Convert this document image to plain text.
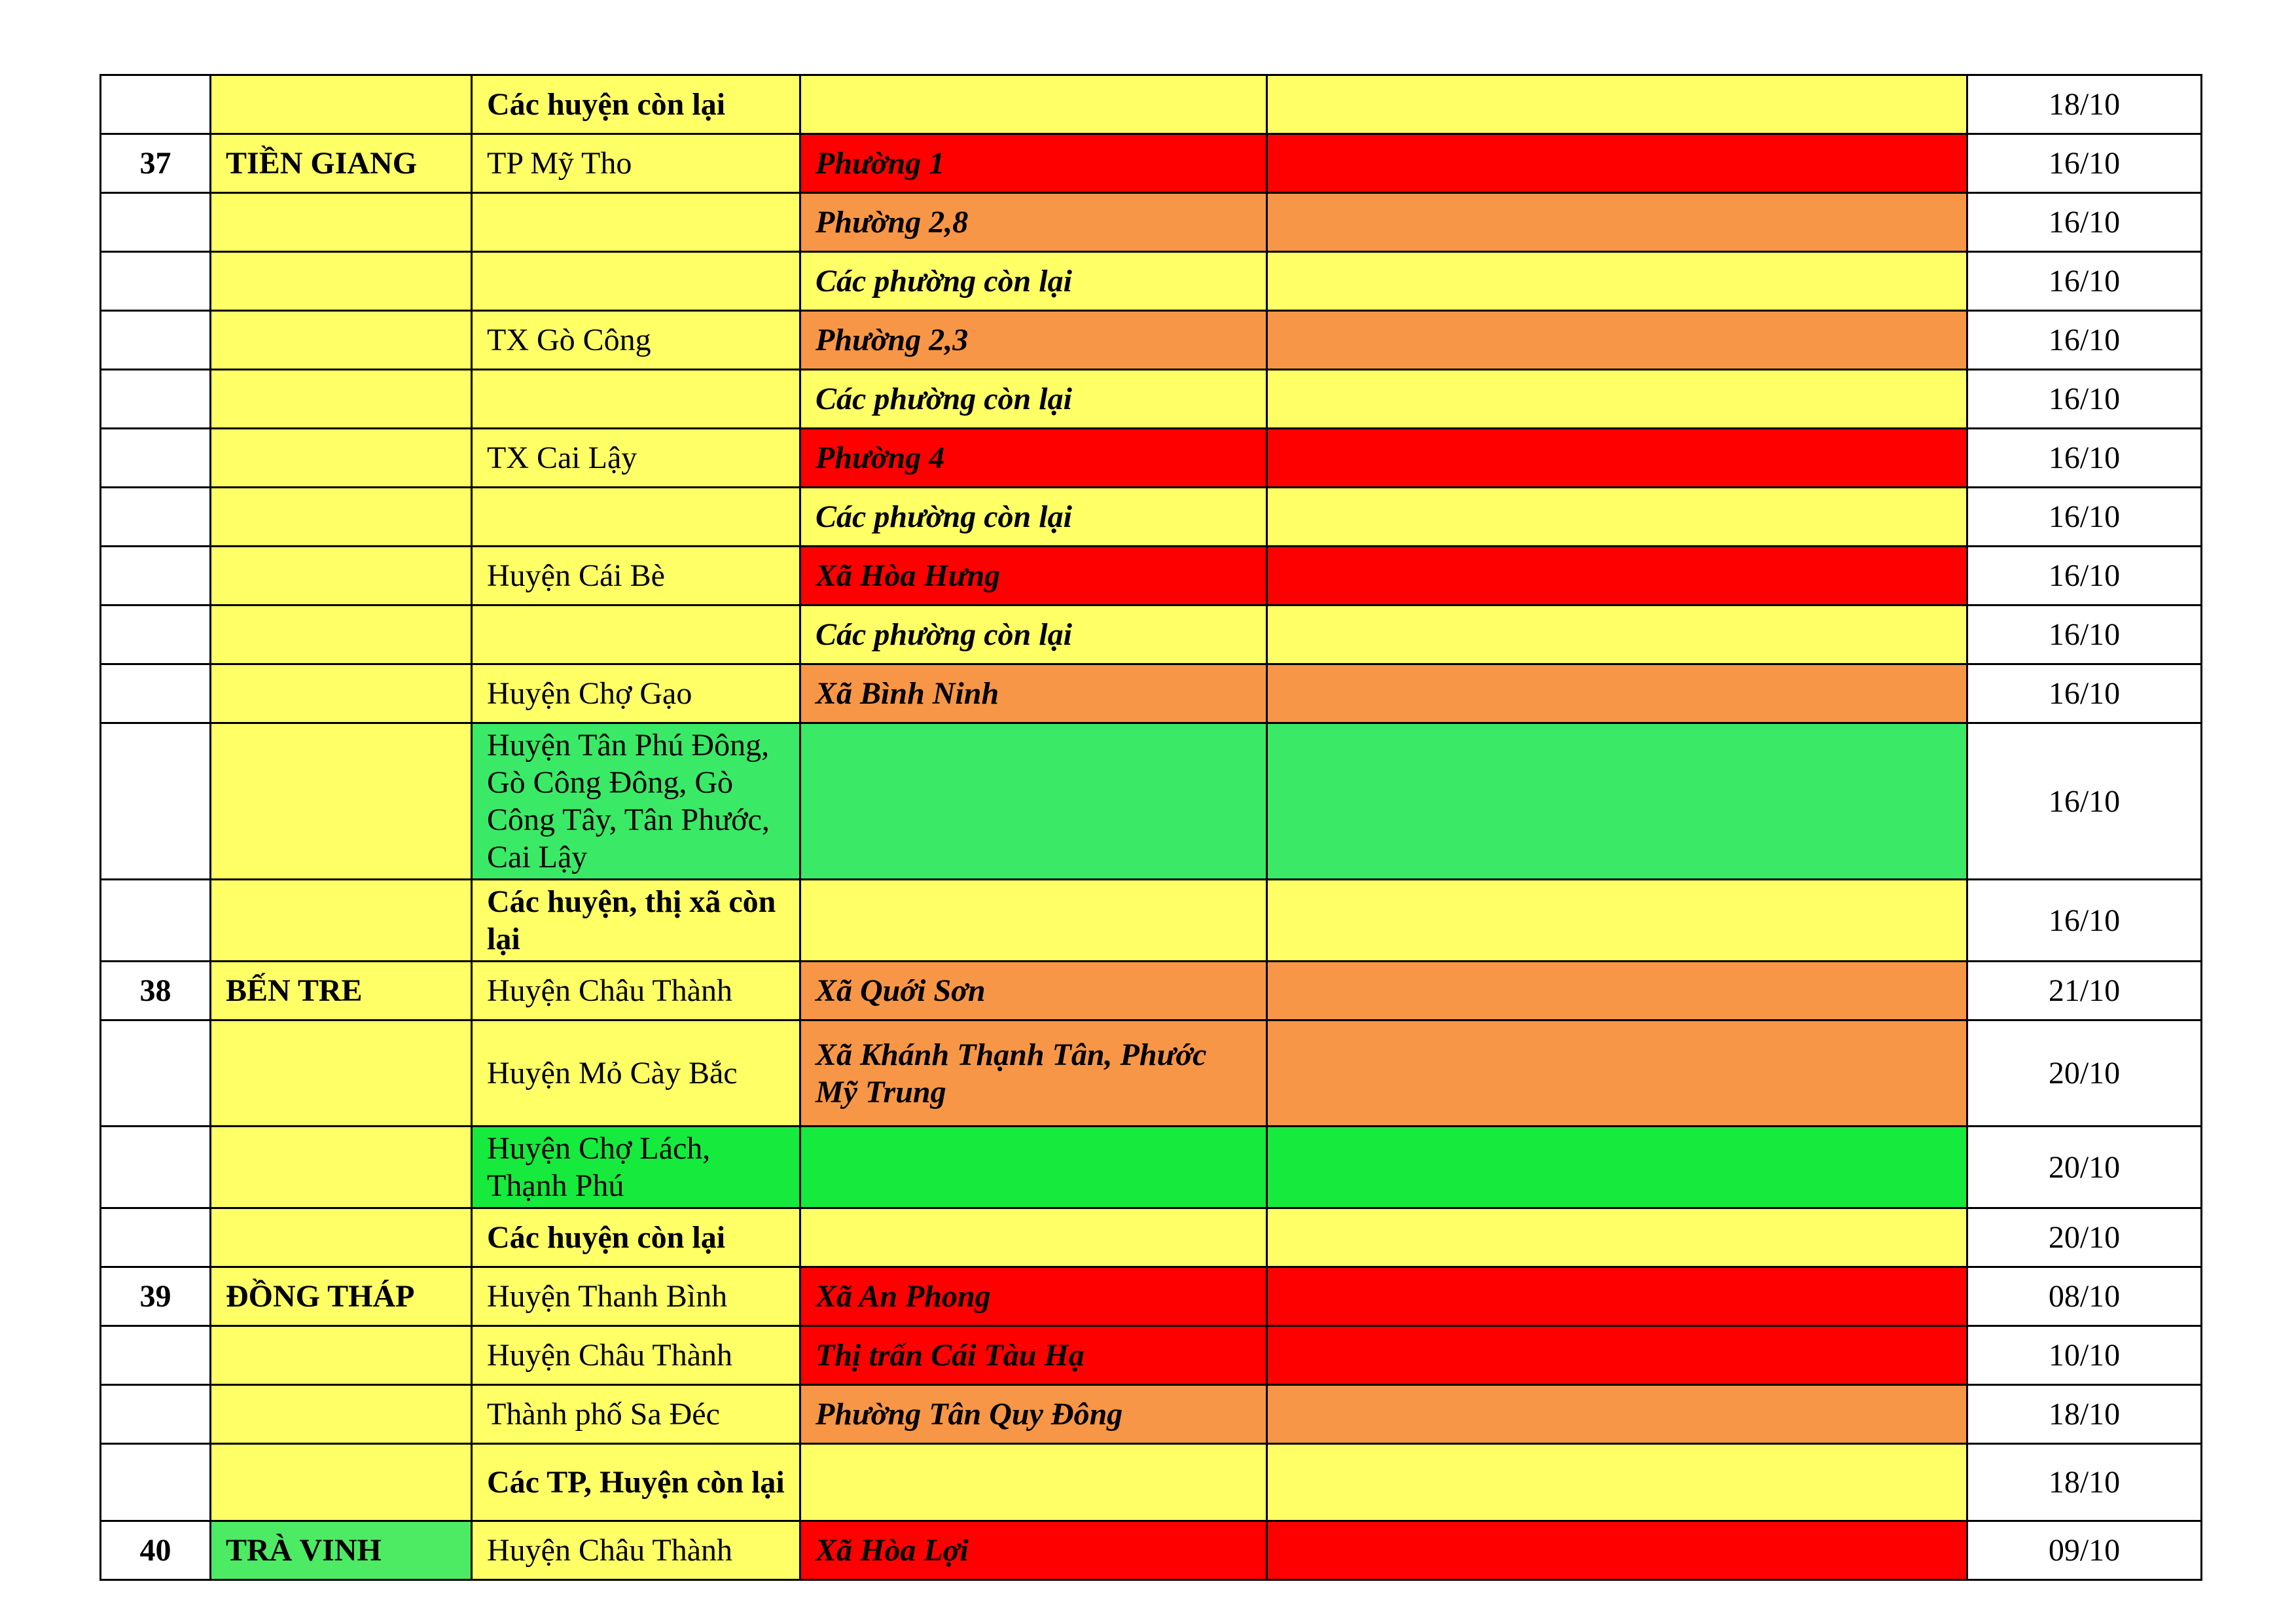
		Các huyện còn lại			18/10
37	TIỀN GIANG	TP Mỹ Tho	Phường 1		16/10
			Phường 2,8		16/10
			Các phường còn lại		16/10
		TX Gò Công	Phường 2,3		16/10
			Các phường còn lại		16/10
		TX Cai Lậy	Phường 4		16/10
			Các phường còn lại		16/10
		Huyện Cái Bè	Xã Hòa Hưng		16/10
			Các phường còn lại		16/10
		Huyện Chợ Gạo	Xã Bình Ninh		16/10
		Huyện Tân Phú Đông, Gò Công Đông, Gò Công Tây, Tân Phước, Cai Lậy			16/10
		Các huyện, thị xã còn lại			16/10
38	BẾN TRE	Huyện Châu Thành	Xã Quới Sơn		21/10
		Huyện Mỏ Cày Bắc	Xã Khánh Thạnh Tân, Phước Mỹ Trung		20/10
		Huyện Chợ Lách, Thạnh Phú			20/10
		Các huyện còn lại			20/10
39	ĐỒNG THÁP	Huyện Thanh Bình	Xã An Phong		08/10
		Huyện Châu Thành	Thị trấn Cái Tàu Hạ		10/10
		Thành phố Sa Đéc	Phường Tân Quy Đông		18/10
		Các TP, Huyện còn lại			18/10
40	TRÀ VINH	Huyện Châu Thành	Xã Hòa Lợi		09/10
